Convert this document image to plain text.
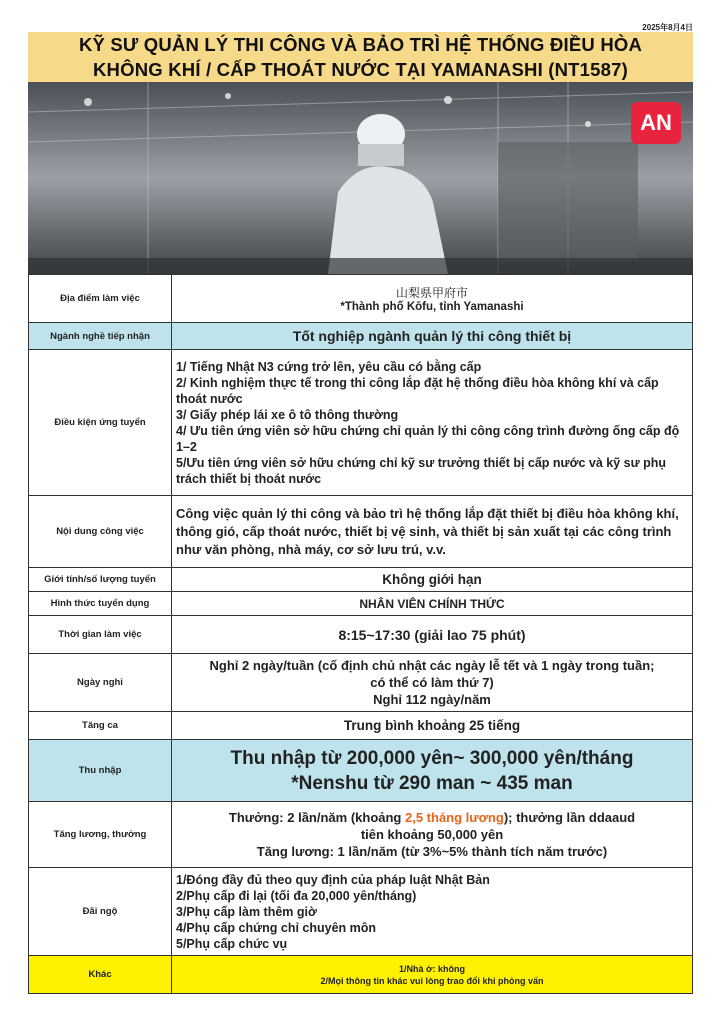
2025年8月4日
KỸ SƯ QUẢN LÝ THI CÔNG VÀ BẢO TRÌ HỆ THỐNG ĐIỀU HÒA
KHÔNG KHÍ / CẤP THOÁT NƯỚC TẠI YAMANASHI (NT1587)
AN
Địa điểm làm việc	山梨県甲府市
*Thành phố Kōfu, tỉnh Yamanashi

Ngành nghề tiếp nhận	Tốt nghiệp ngành quản lý thi công thiết bị
Điều kiện ứng tuyển	1/ Tiếng Nhật N3 cứng trở lên, yêu cầu có bằng cấp
2/ Kinh nghiệm thực tế trong thi công lắp đặt hệ thống điều hòa không khí và cấp thoát nước
3/ Giấy phép lái xe ô tô thông thường
4/ Ưu tiên ứng viên sở hữu chứng chỉ quản lý thi công công trình đường ống cấp độ 1–2
5/Ưu tiên ứng viên sở hữu chứng chỉ kỹ sư trưởng thiết bị cấp nước và kỹ sư phụ trách thiết bị thoát nước

Nội dung công việc	Công việc quản lý thi công và bảo trì hệ thống lắp đặt thiết bị điều hòa không khí, thông gió, cấp thoát nước, thiết bị vệ sinh, và thiết bị sản xuất tại các công trình như văn phòng, nhà máy, cơ sở lưu trú, v.v.
Giới tính/số lượng tuyển	Không giới hạn
Hình thức tuyển dụng	NHÂN VIÊN CHÍNH THỨC
Thời gian làm việc	8:15~17:30 (giải lao 75 phút)
Ngày nghỉ	Nghỉ 2 ngày/tuần (cố định chủ nhật các ngày lễ tết và 1 ngày trong tuần;
có thể có làm thứ 7)
Nghỉ 112 ngày/năm

Tăng ca	Trung bình khoảng 25 tiếng
Thu nhập	Thu nhập từ 200,000 yên~ 300,000 yên/tháng
*Nenshu từ 290 man ~ 435 man

Tăng lương, thưởng	Thưởng: 2 lần/năm (khoảng 2,5 tháng lương); thưởng lần ddaaud
tiên khoảng 50,000 yên
Tăng lương: 1 lần/năm (từ 3%~5% thành tích năm trước)

Đãi ngộ	1/Đóng đầy đủ theo quy định của pháp luật Nhật Bản
2/Phụ cấp đi lại (tối đa 20,000 yên/tháng)
3/Phụ cấp làm thêm giờ
4/Phụ cấp chứng chỉ chuyên môn
5/Phụ cấp chức vụ

Khác	1/Nhà ở: không
2/Mọi thông tin khác vui lòng trao đổi khi phỏng vấn
